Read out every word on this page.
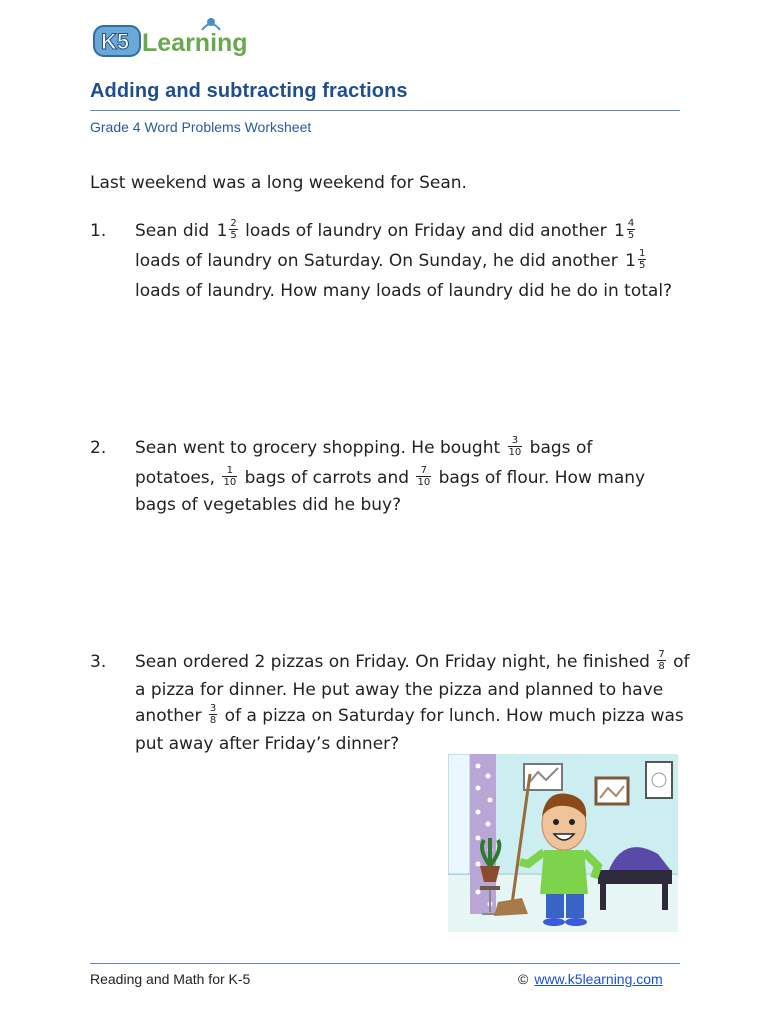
K5 Learning
Adding and subtracting fractions
Grade 4 Word Problems Worksheet
Last weekend was a long weekend for Sean.
1. Sean did $1 \frac{2}{5}$ loads of laundry on Friday and did another $1 \frac{4}{5}$
loads of laundry on Saturday. On Sunday, he did another $1 \frac{1}{5}$
loads of laundry. How many loads of laundry did he do in total?
2. Sean went to grocery shopping. He bought $\frac{3}{10}$ bags of
potatoes, $\frac{1}{10}$ bags of carrots and $\frac{7}{10}$ bags of flour. How many
bags of vegetables did he buy?
3. Sean ordered 2 pizzas on Friday. On Friday night, he finished $\frac{7}{8}$ of
a pizza for dinner. He put away the pizza and planned to have
another $\frac{3}{8}$ of a pizza on Saturday for lunch. How much pizza was
put away after Friday’s dinner?
Reading and Math for K-5	© www.k5learning.com
